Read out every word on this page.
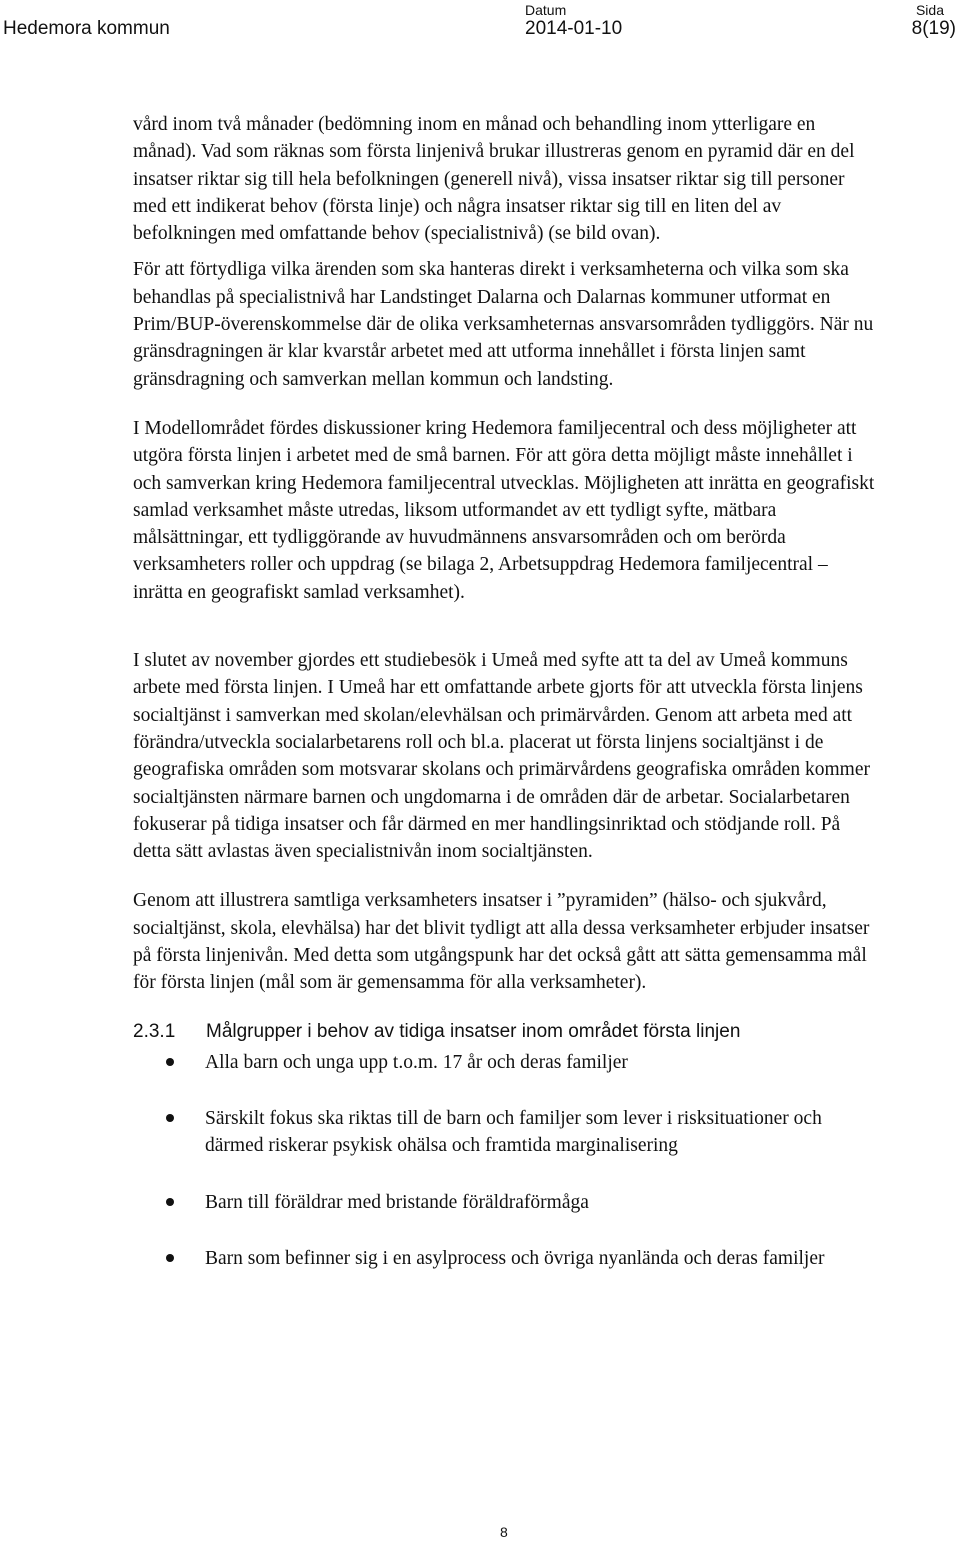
Hedemora kommun
Datum
2014-01-10
Sida
8(19)

vård inom två månader (bedömning inom en månad och behandling inom ytterligare en månad). Vad som räknas som första linjenivå brukar illustreras genom en pyramid där en del insatser riktar sig till hela befolkningen (generell nivå), vissa insatser riktar sig till personer med ett indikerat behov (första linje) och några insatser riktar sig till en liten del av befolkningen med omfattande behov (specialistnivå) (se bild ovan).

För att förtydliga vilka ärenden som ska hanteras direkt i verksamheterna och vilka som ska behandlas på specialistnivå har Landstinget Dalarna och Dalarnas kommuner utformat en Prim/BUP-överenskommelse där de olika verksamheternas ansvarsområden tydliggörs. När nu gränsdragningen är klar kvarstår arbetet med att utforma innehållet i första linjen samt gränsdragning och samverkan mellan kommun och landsting.

I Modellområdet fördes diskussioner kring Hedemora familjecentral och dess möjligheter att utgöra första linjen i arbetet med de små barnen. För att göra detta möjligt måste innehållet i och samverkan kring Hedemora familjecentral utvecklas. Möjligheten att inrätta en geografiskt samlad verksamhet måste utredas, liksom utformandet av ett tydligt syfte, mätbara målsättningar, ett tydliggörande av huvudmännens ansvarsområden och om berörda verksamheters roller och uppdrag (se bilaga 2, Arbetsuppdrag Hedemora familjecentral – inrätta en geografiskt samlad verksamhet).

I slutet av november gjordes ett studiebesök i Umeå med syfte att ta del av Umeå kommuns arbete med första linjen. I Umeå har ett omfattande arbete gjorts för att utveckla första linjens socialtjänst i samverkan med skolan/elevhälsan och primärvården. Genom att arbeta med att förändra/utveckla socialarbetarens roll och bl.a. placerat ut första linjens socialtjänst i de geografiska områden som motsvarar skolans och primärvårdens geografiska områden kommer socialtjänsten närmare barnen och ungdomarna i de områden där de arbetar. Socialarbetaren fokuserar på tidiga insatser och får därmed en mer handlingsinriktad och stödjande roll. På detta sätt avlastas även specialistnivån inom socialtjänsten.

Genom att illustrera samtliga verksamheters insatser i ”pyramiden” (hälso- och sjukvård, socialtjänst, skola, elevhälsa) har det blivit tydligt att alla dessa verksamheter erbjuder insatser på första linjenivån. Med detta som utgångspunk har det också gått att sätta gemensamma mål för första linjen (mål som är gemensamma för alla verksamheter).

2.3.1	Målgrupper i behov av tidiga insatser inom området första linjen
Alla barn och unga upp t.o.m. 17 år och deras familjer
Särskilt fokus ska riktas till de barn och familjer som lever i risksituationer och därmed riskerar psykisk ohälsa och framtida marginalisering
Barn till föräldrar med bristande föräldraförmåga
Barn som befinner sig i en asylprocess och övriga nyanlända och deras familjer
8
